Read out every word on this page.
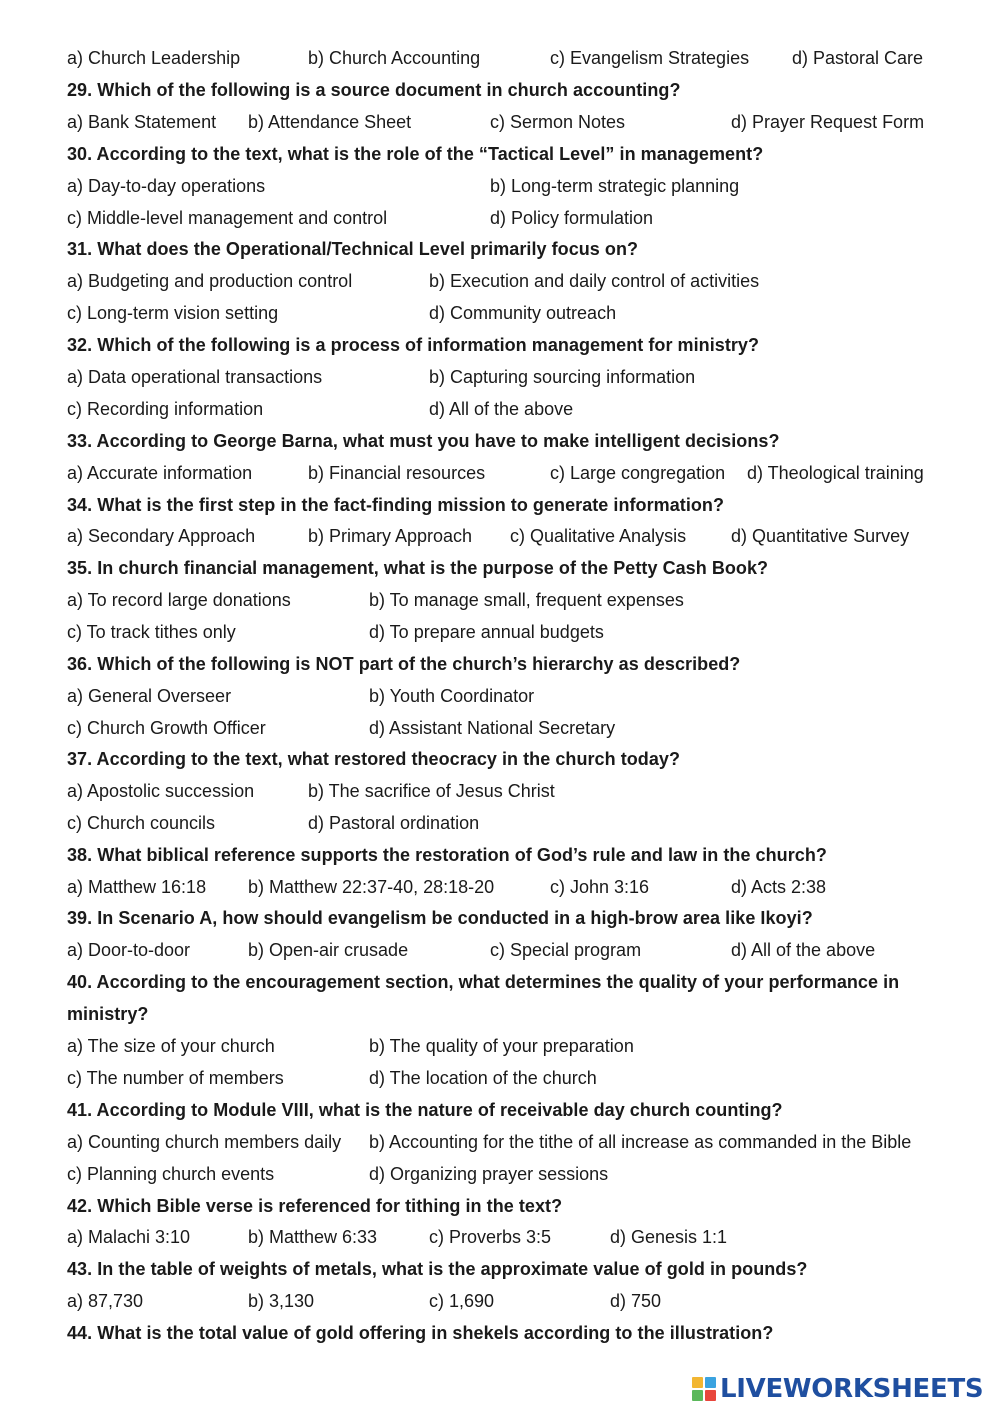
a) Church Leadership	b) Church Accounting	c) Evangelism Strategies d) Pastoral Care
29. Which of the following is a source document in church accounting?
a) Bank Statement b) Attendance Sheet	c) Sermon Notes	d) Prayer Request Form
30. According to the text, what is the role of the “Tactical Level” in management?
a) Day-to-day operations	b) Long-term strategic planning
c) Middle-level management and control	d) Policy formulation
31. What does the Operational/Technical Level primarily focus on?
a) Budgeting and production control	b) Execution and daily control of activities
c) Long-term vision setting	d) Community outreach
32. Which of the following is a process of information management for ministry?
a) Data operational transactions	b) Capturing sourcing information
c) Recording information	d) All of the above
33. According to George Barna, what must you have to make intelligent decisions?
a) Accurate information	b) Financial resources	c) Large congregation d) Theological training
34. What is the first step in the fact-finding mission to generate information?
a) Secondary Approach	b) Primary Approach c) Qualitative Analysis d) Quantitative Survey
35. In church financial management, what is the purpose of the Petty Cash Book?
a) To record large donations	b) To manage small, frequent expenses
c) To track tithes only	d) To prepare annual budgets
36. Which of the following is NOT part of the church’s hierarchy as described?
a) General Overseer	b) Youth Coordinator
c) Church Growth Officer	d) Assistant National Secretary
37. According to the text, what restored theocracy in the church today?
a) Apostolic succession	b) The sacrifice of Jesus Christ
c) Church councils	d) Pastoral ordination
38. What biblical reference supports the restoration of God’s rule and law in the church?
a) Matthew 16:18 b) Matthew 22:37-40, 28:18-20	c) John 3:16	d) Acts 2:38
39. In Scenario A, how should evangelism be conducted in a high-brow area like Ikoyi?
a) Door-to-door	b) Open-air crusade	c) Special program	d) All of the above
40. According to the encouragement section, what determines the quality of your performance in
ministry?
a) The size of your church	b) The quality of your preparation
c) The number of members	d) The location of the church
41. According to Module VIII, what is the nature of receivable day church counting?
a) Counting church members daily b) Accounting for the tithe of all increase as commanded in the Bible
c) Planning church events	d) Organizing prayer sessions
42. Which Bible verse is referenced for tithing in the text?
a) Malachi 3:10	b) Matthew 6:33	c) Proverbs 3:5	d) Genesis 1:1
43. In the table of weights of metals, what is the approximate value of gold in pounds?
a) 87,730	b) 3,130	c) 1,690	d) 750
44. What is the total value of gold offering in shekels according to the illustration?
LIVEWORKSHEETS
